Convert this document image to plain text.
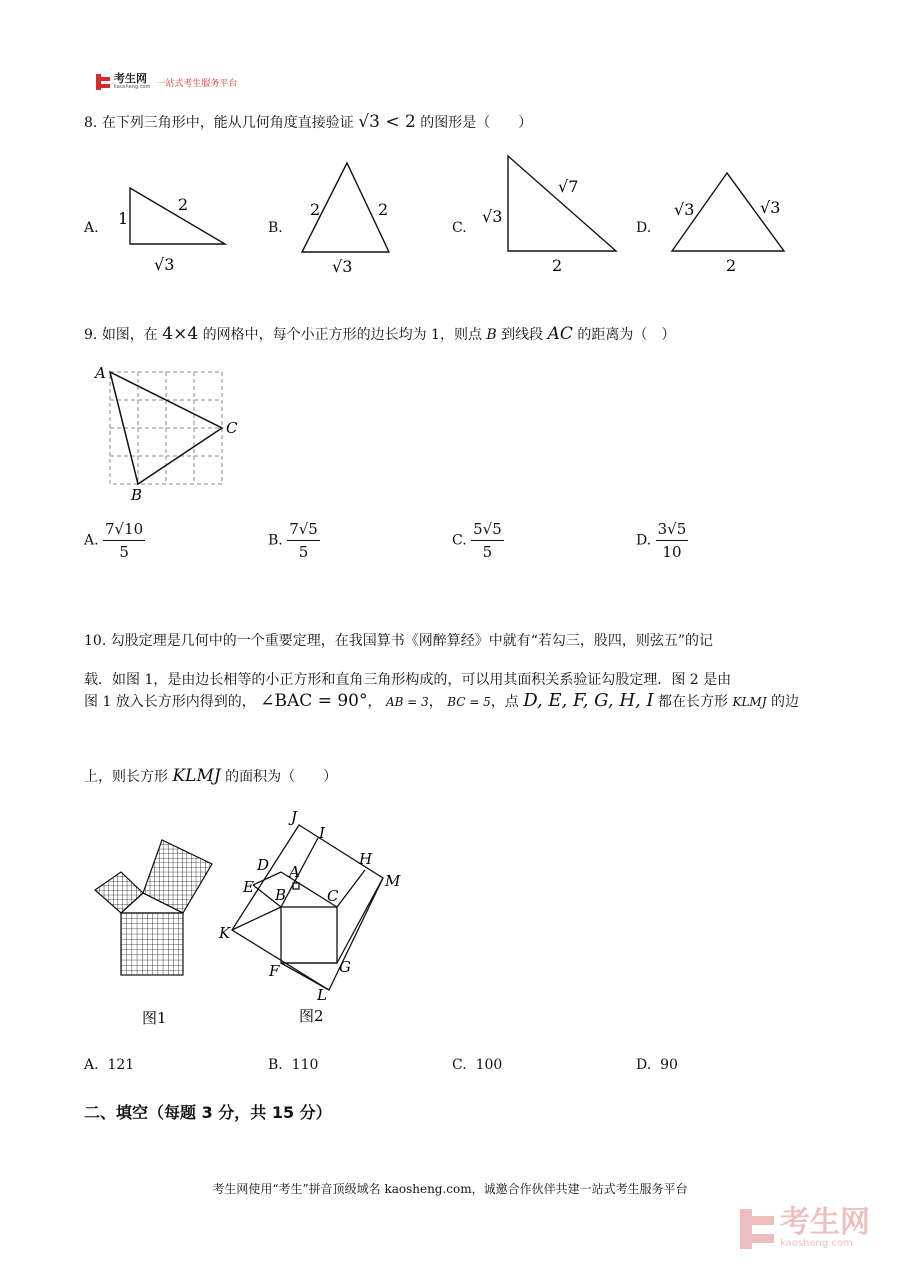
考生网
kaosheng.com 一站式考生服务平台
8. 在下列三角形中，能从几何角度直接验证 √3 < 2 的图形是（　　）
A.	B.	C.	D.
1
2
√3
2	2
√3
√3
√7
2
√3	√3
2
9. 如图，在 4×4 的网格中，每个小正方形的边长均为 1，则点 B 到线段 AC 的距离为（　）
A
C
B
A. $\frac{7√10}{5}$	B. $\frac{7√5}{5}$	C. $\frac{5√5}{5}$	D. $\frac{3√5}{10}$
10. 勾股定理是几何中的一个重要定理，在我国算书《网醉算经》中就有“若勾三，股四，则弦五”的记
载．如图 1，是由边长相等的小正方形和直角三角形构成的，可以用其面积关系验证勾股定理．图 2 是由
图 1 放入长方形内得到的， ∠BAC = 90°， AB = 3， BC = 5，点 D, E, F, G, H, I 都在长方形 KLMJ 的边
上，则长方形 KLMJ 的面积为（　　）
图1
J
I
H
M
D A
E B	C
K
F	G
L
图2
A. 121	B. 110	C. 100	D. 90
二、填空（每题 3 分，共 15 分）
考生网使用“考生”拼音顶级域名 kaosheng.com，诚邀合作伙伴共建一站式考生服务平台
考生网
kaosheng.com
